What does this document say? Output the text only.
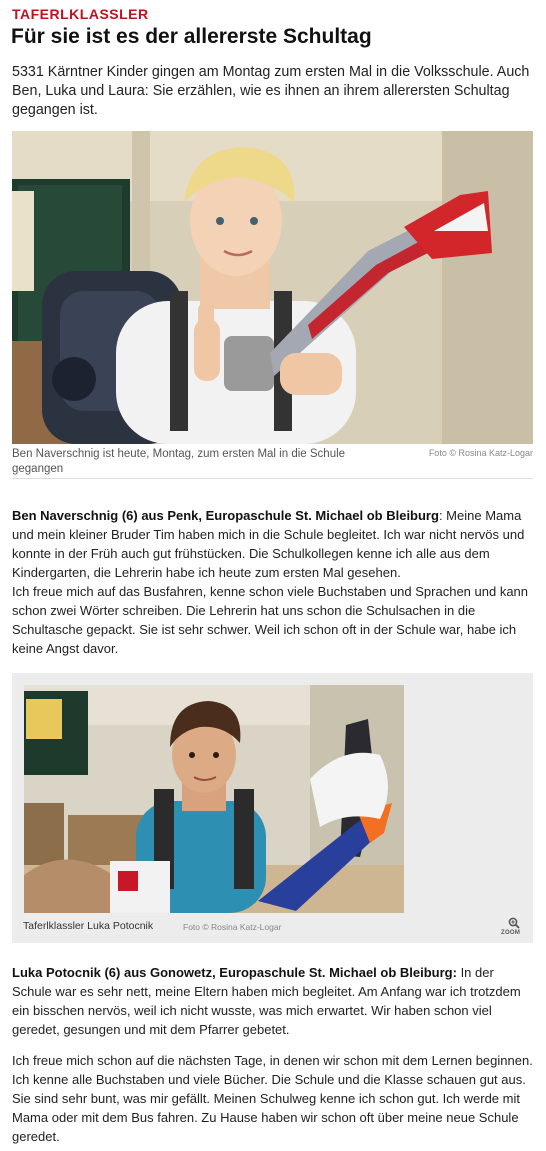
TAFERLKLASSLER
Für sie ist es der allererste Schultag

5331 Kärntner Kinder gingen am Montag zum ersten Mal in die Volksschule. Auch Ben, Luka und Laura: Sie erzählen, wie es ihnen an ihrem allerersten Schultag gegangen ist.

Ben Naverschnig ist heute, Montag, zum ersten Mal in die Schule gegangen
Foto © Rosina Katz-Logar

Ben Naverschnig (6) aus Penk, Europaschule St. Michael ob Bleiburg: Meine Mama und mein kleiner Bruder Tim haben mich in die Schule begleitet. Ich war nicht nervös und konnte in der Früh auch gut frühstücken. Die Schulkollegen kenne ich alle aus dem Kindergarten, die Lehrerin habe ich heute zum ersten Mal gesehen.

Ich freue mich auf das Busfahren, kenne schon viele Buchstaben und Sprachen und kann schon zwei Wörter schreiben. Die Lehrerin hat uns schon die Schulsachen in die Schultasche gepackt. Sie ist sehr schwer. Weil ich schon oft in der Schule war, habe ich keine Angst davor.

Taferlklassler Luka Potocnik	Foto © Rosina Katz-Logar
ZOOM

Luka Potocnik (6) aus Gonowetz, Europaschule St. Michael ob Bleiburg: In der Schule war es sehr nett, meine Eltern haben mich begleitet. Am Anfang war ich trotzdem ein bisschen nervös, weil ich nicht wusste, was mich erwartet. Wir haben schon viel geredet, gesungen und mit dem Pfarrer gebetet.

Ich freue mich schon auf die nächsten Tage, in denen wir schon mit dem Lernen beginnen. Ich kenne alle Buchstaben und viele Bücher. Die Schule und die Klasse schauen gut aus. Sie sind sehr bunt, was mir gefällt. Meinen Schulweg kenne ich schon gut. Ich werde mit Mama oder mit dem Bus fahren. Zu Hause haben wir schon oft über meine neue Schule geredet.
